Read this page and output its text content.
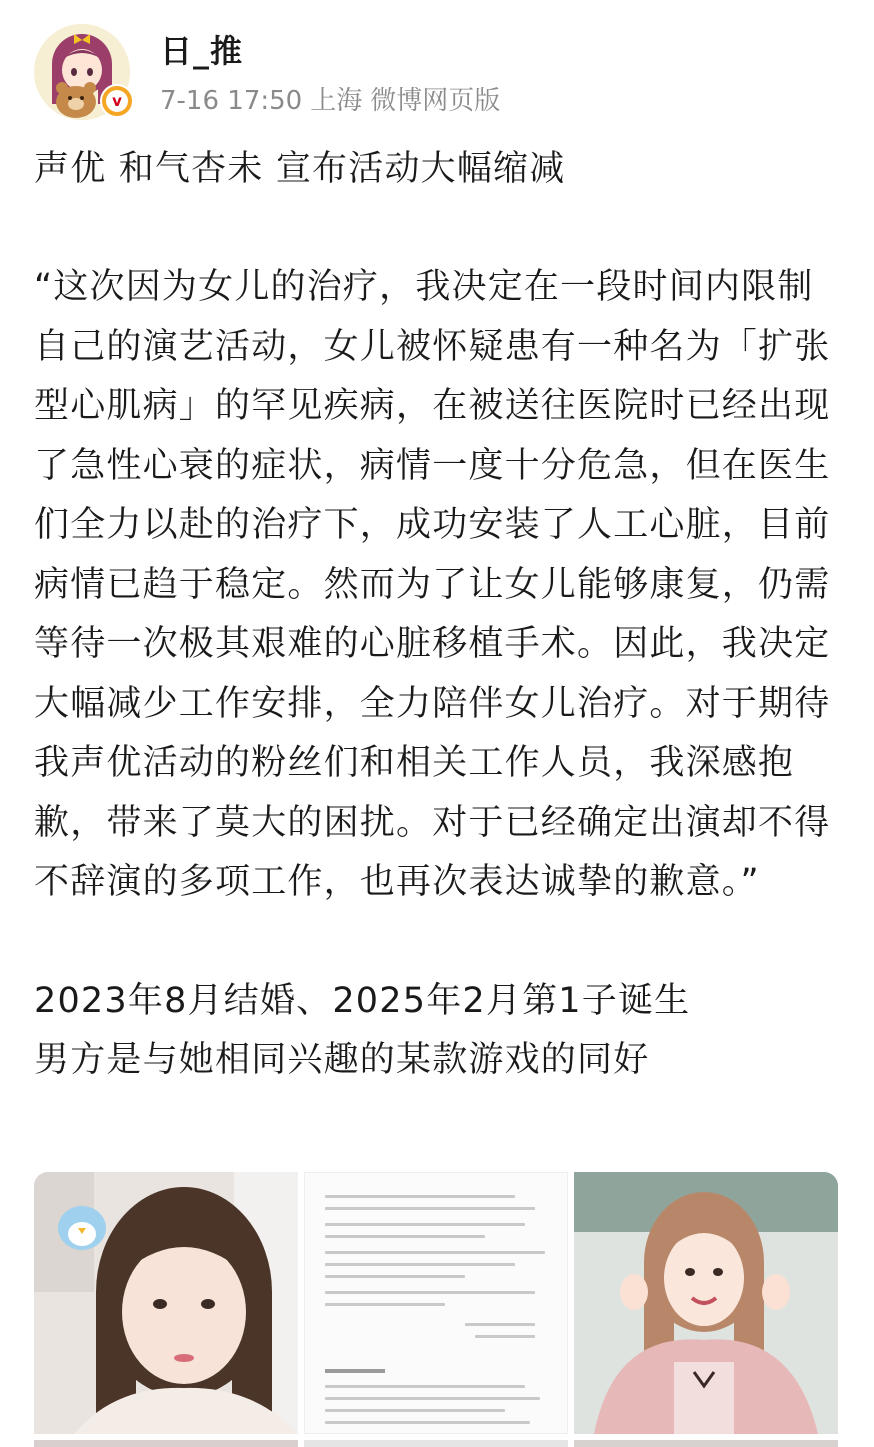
v
日_推
7-16 17:50 上海 微博网页版

声优 和气杏未 宣布活动大幅缩减

“这次因为女儿的治疗，我决定在一段时间内限制自己的演艺活动，女儿被怀疑患有一种名为「扩张型心肌病」的罕见疾病，在被送往医院时已经出现了急性心衰的症状，病情一度十分危急，但在医生们全力以赴的治疗下，成功安装了人工心脏，目前病情已趋于稳定。然而为了让女儿能够康复，仍需等待一次极其艰难的心脏移植手术。因此，我决定大幅减少工作安排，全力陪伴女儿治疗。对于期待我声优活动的粉丝们和相关工作人员，我深感抱歉，带来了莫大的困扰。对于已经确定出演却不得不辞演的多项工作，也再次表达诚挚的歉意。”

2023年8月结婚、2025年2月第1子诞生

男方是与她相同兴趣的某款游戏的同好
